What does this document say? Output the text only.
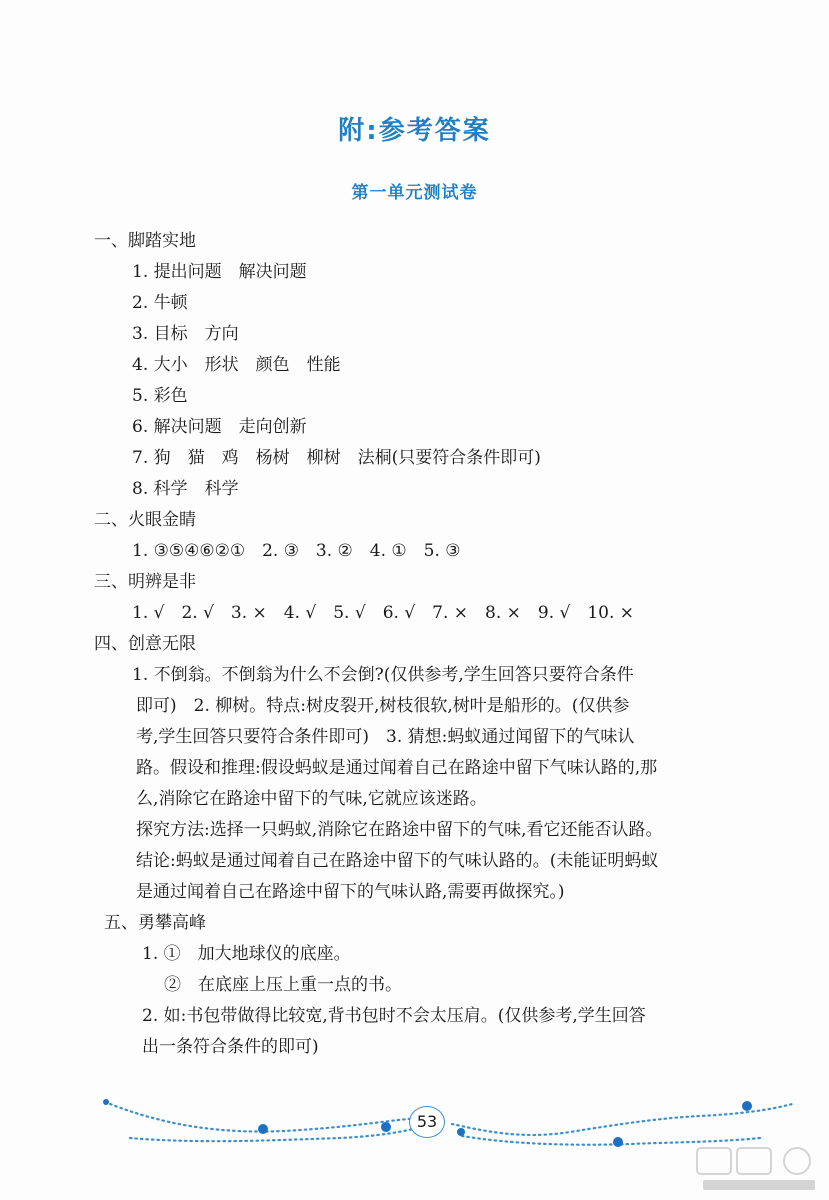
附:参考答案
第一单元测试卷
一、脚踏实地
1. 提出问题　解决问题
2. 牛顿
3. 目标　方向
4. 大小　形状　颜色　性能
5. 彩色
6. 解决问题　走向创新
7. 狗　猫　鸡　杨树　柳树　法桐(只要符合条件即可)
8. 科学　科学
二、火眼金睛
1. ③⑤④⑥②①　2. ③　3. ②　4. ①　5. ③
三、明辨是非
1. √　2. √　3. ×　4. √　5. √　6. √　7. ×　8. ×　9. √　10. ×
四、创意无限
1. 不倒翁。不倒翁为什么不会倒?(仅供参考,学生回答只要符合条件
即可)　2. 柳树。特点:树皮裂开,树枝很软,树叶是船形的。(仅供参
考,学生回答只要符合条件即可)　3. 猜想:蚂蚁通过闻留下的气味认
路。假设和推理:假设蚂蚁是通过闻着自己在路途中留下气味认路的,那
么,消除它在路途中留下的气味,它就应该迷路。
探究方法:选择一只蚂蚁,消除它在路途中留下的气味,看它还能否认路。
结论:蚂蚁是通过闻着自己在路途中留下的气味认路的。(未能证明蚂蚁
是通过闻着自己在路途中留下的气味认路,需要再做探究。)
五、勇攀高峰
1. ①　加大地球仪的底座。
②　在底座上压上重一点的书。
2. 如:书包带做得比较宽,背书包时不会太压肩。(仅供参考,学生回答
出一条符合条件的即可)
53
